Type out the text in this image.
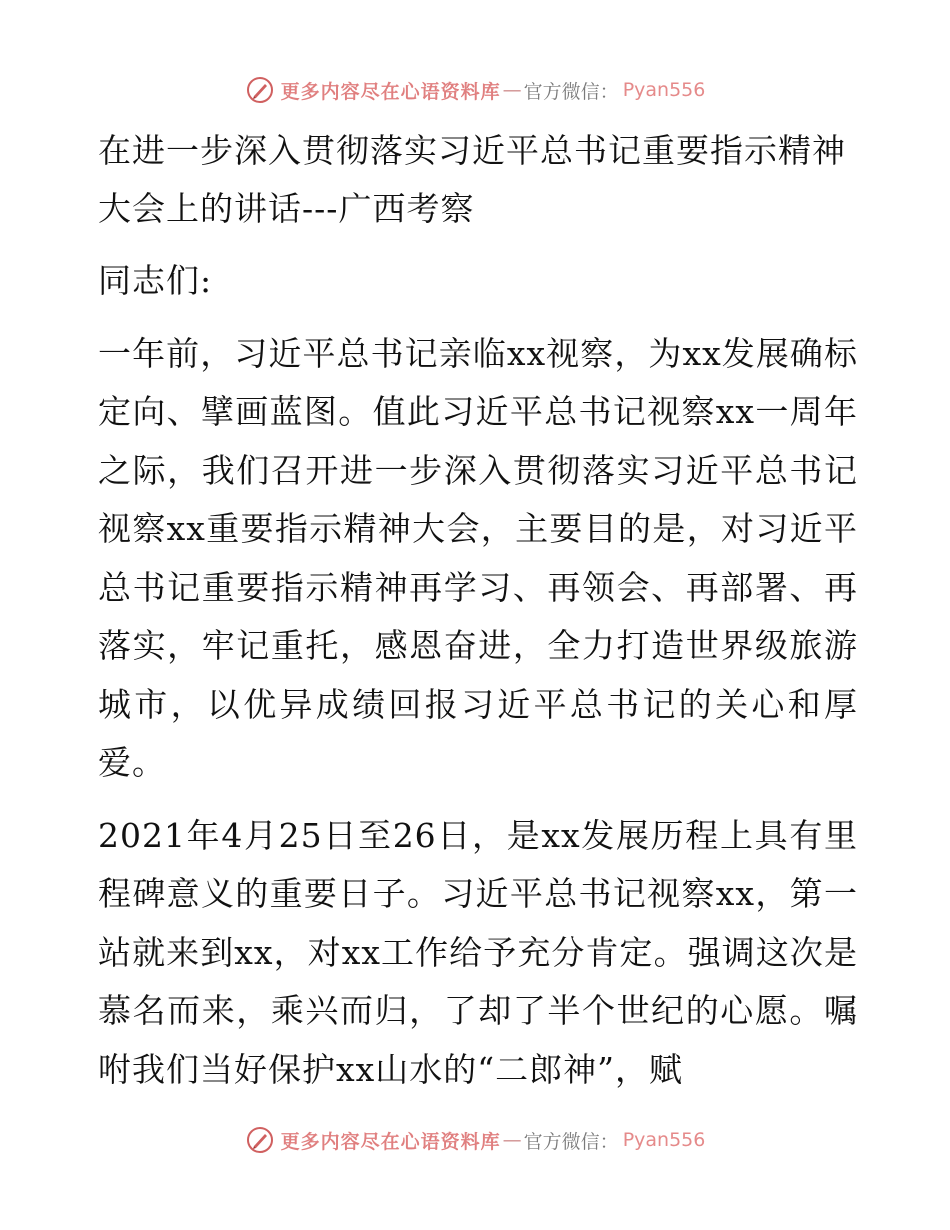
更多内容尽在心语资料库 — 官方微信： Pyan556
在进一步深入贯彻落实习近平总书记重要指示精神大会上的讲话---广西考察

同志们:

一年前，习近平总书记亲临xx视察，为xx发展确标定向、擘画蓝图。值此习近平总书记视察xx一周年之际，我们召开进一步深入贯彻落实习近平总书记视察xx重要指示精神大会，主要目的是，对习近平总书记重要指示精神再学习、再领会、再部署、再落实，牢记重托，感恩奋进，全力打造世界级旅游城市，以优异成绩回报习近平总书记的关心和厚爱。

2021年4月25日至26日，是xx发展历程上具有里程碑意义的重要日子。习近平总书记视察xx，第一站就来到xx，对xx工作给予充分肯定。强调这次是慕名而来，乘兴而归，了却了半个世纪的心愿。嘱咐我们当好保护xx山水的“二郎神”，赋

更多内容尽在心语资料库 — 官方微信： Pyan556
